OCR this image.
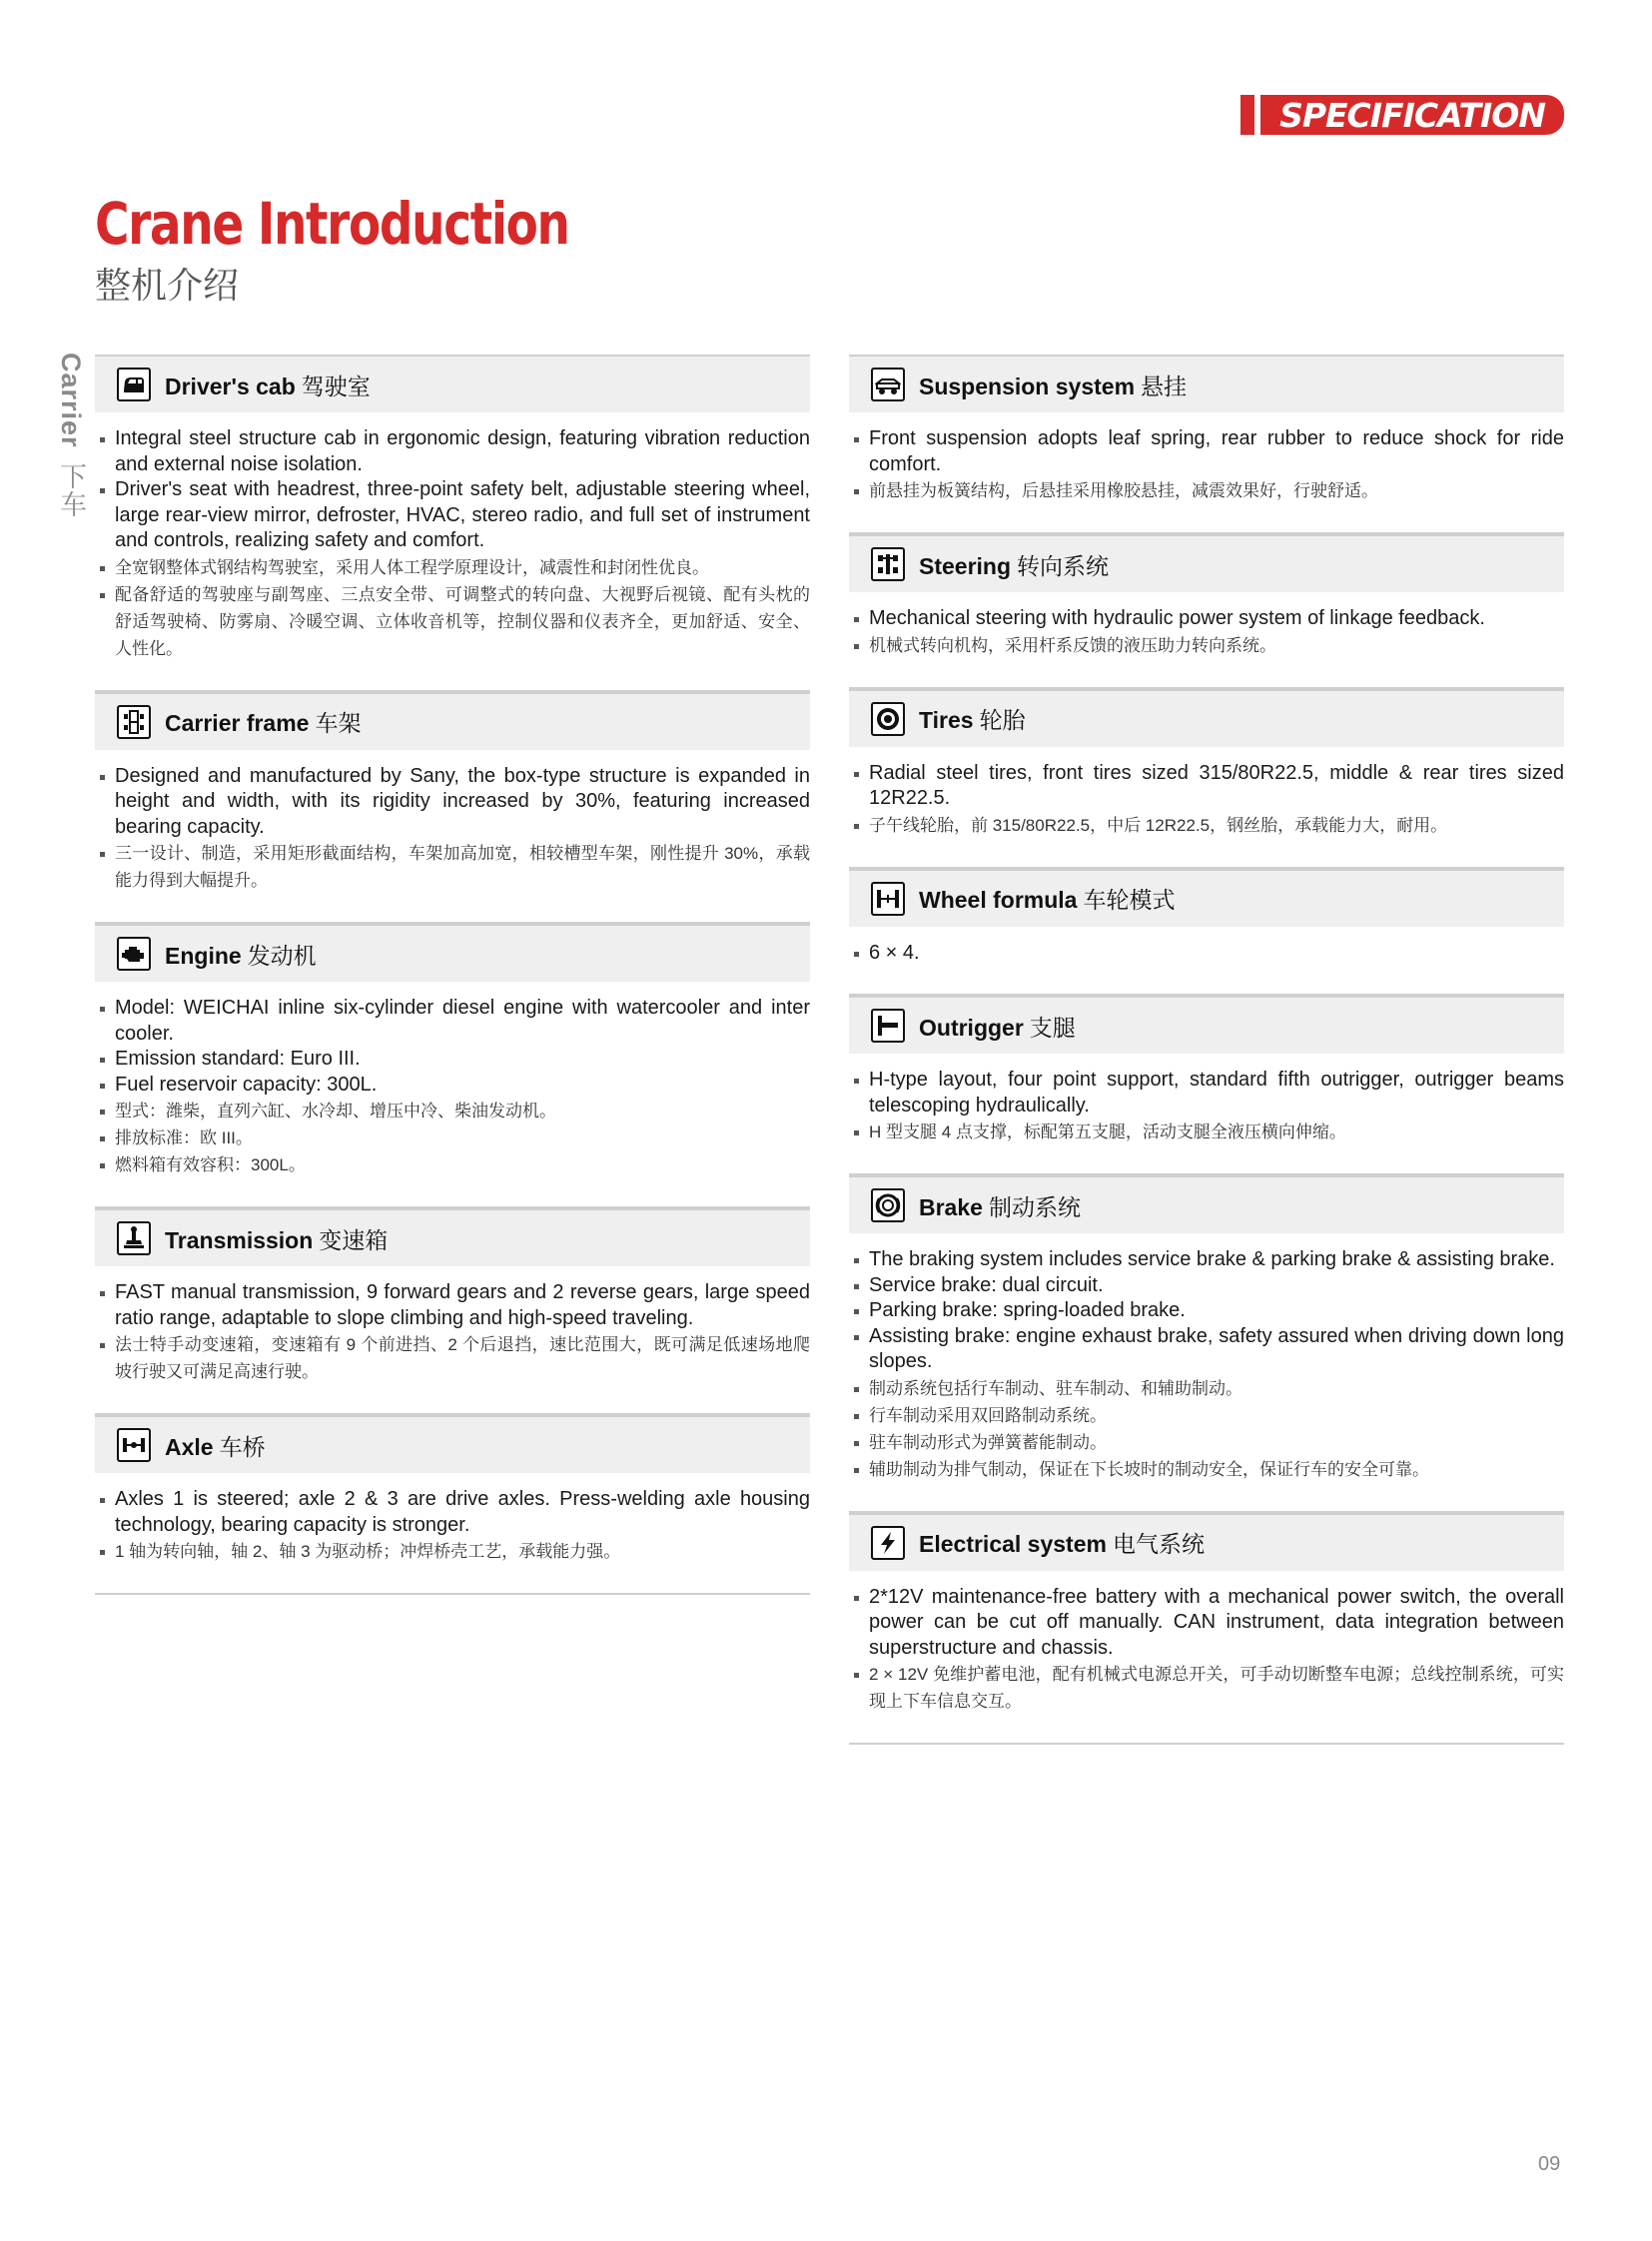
SPECIFICATION
Crane Introduction
整机介绍
Carrier 下车
Driver's cab 驾驶室
Integral steel structure cab in ergonomic design, featuring vibration reduction and external noise isolation.
Driver's seat with headrest, three-point safety belt, adjustable steering wheel, large rear-view mirror, defroster, HVAC, stereo radio, and full set of instrument and controls, realizing safety and comfort.
全宽钢整体式钢结构驾驶室，采用人体工程学原理设计，减震性和封闭性优良。
配备舒适的驾驶座与副驾座、三点安全带、可调整式的转向盘、大视野后视镜、配有头枕的舒适驾驶椅、防雾扇、冷暖空调、立体收音机等，控制仪器和仪表齐全，更加舒适、安全、人性化。
Carrier frame 车架
Designed and manufactured by Sany, the box-type structure is expanded in height and width, with its rigidity increased by 30%, featuring increased bearing capacity.
三一设计、制造，采用矩形截面结构，车架加高加宽，相较槽型车架，刚性提升 30%，承载能力得到大幅提升。
Engine 发动机
Model: WEICHAI inline six-cylinder diesel engine with watercooler and inter cooler.
Emission standard: Euro III.
Fuel reservoir capacity: 300L.
型式：潍柴，直列六缸、水冷却、增压中冷、柴油发动机。
排放标准：欧 III。
燃料箱有效容积：300L。
Transmission 变速箱
FAST manual transmission, 9 forward gears and 2 reverse gears, large speed ratio range, adaptable to slope climbing and high-speed traveling.
法士特手动变速箱，变速箱有 9 个前进挡、2 个后退挡，速比范围大，既可满足低速场地爬坡行驶又可满足高速行驶。
Axle 车桥
Axles 1 is steered; axle 2 & 3 are drive axles. Press-welding axle housing technology, bearing capacity is stronger.
1 轴为转向轴，轴 2、轴 3 为驱动桥；冲焊桥壳工艺，承载能力强。
Suspension system 悬挂
Front suspension adopts leaf spring, rear rubber to reduce shock for ride comfort.
前悬挂为板簧结构，后悬挂采用橡胶悬挂，减震效果好，行驶舒适。
Steering 转向系统
Mechanical steering with hydraulic power system of linkage feedback.
机械式转向机构，采用杆系反馈的液压助力转向系统。
Tires 轮胎
Radial steel tires, front tires sized 315/80R22.5, middle & rear tires sized 12R22.5.
子午线轮胎，前 315/80R22.5，中后 12R22.5，钢丝胎，承载能力大，耐用。
Wheel formula 车轮模式
6 × 4.
Outrigger 支腿
H-type layout, four point support, standard fifth outrigger, outrigger beams telescoping hydraulically.
H 型支腿 4 点支撑，标配第五支腿，活动支腿全液压横向伸缩。
Brake 制动系统
The braking system includes service brake & parking brake & assisting brake.
Service brake: dual circuit.
Parking brake: spring-loaded brake.
Assisting brake: engine exhaust brake, safety assured when driving down long slopes.
制动系统包括行车制动、驻车制动、和辅助制动。
行车制动采用双回路制动系统。
驻车制动形式为弹簧蓄能制动。
辅助制动为排气制动，保证在下长坡时的制动安全，保证行车的安全可靠。
Electrical system 电气系统
2*12V maintenance-free battery with a mechanical power switch, the overall power can be cut off manually. CAN instrument, data integration between superstructure and chassis.
2 × 12V 免维护蓄电池，配有机械式电源总开关，可手动切断整车电源；总线控制系统，可实现上下车信息交互。
09
